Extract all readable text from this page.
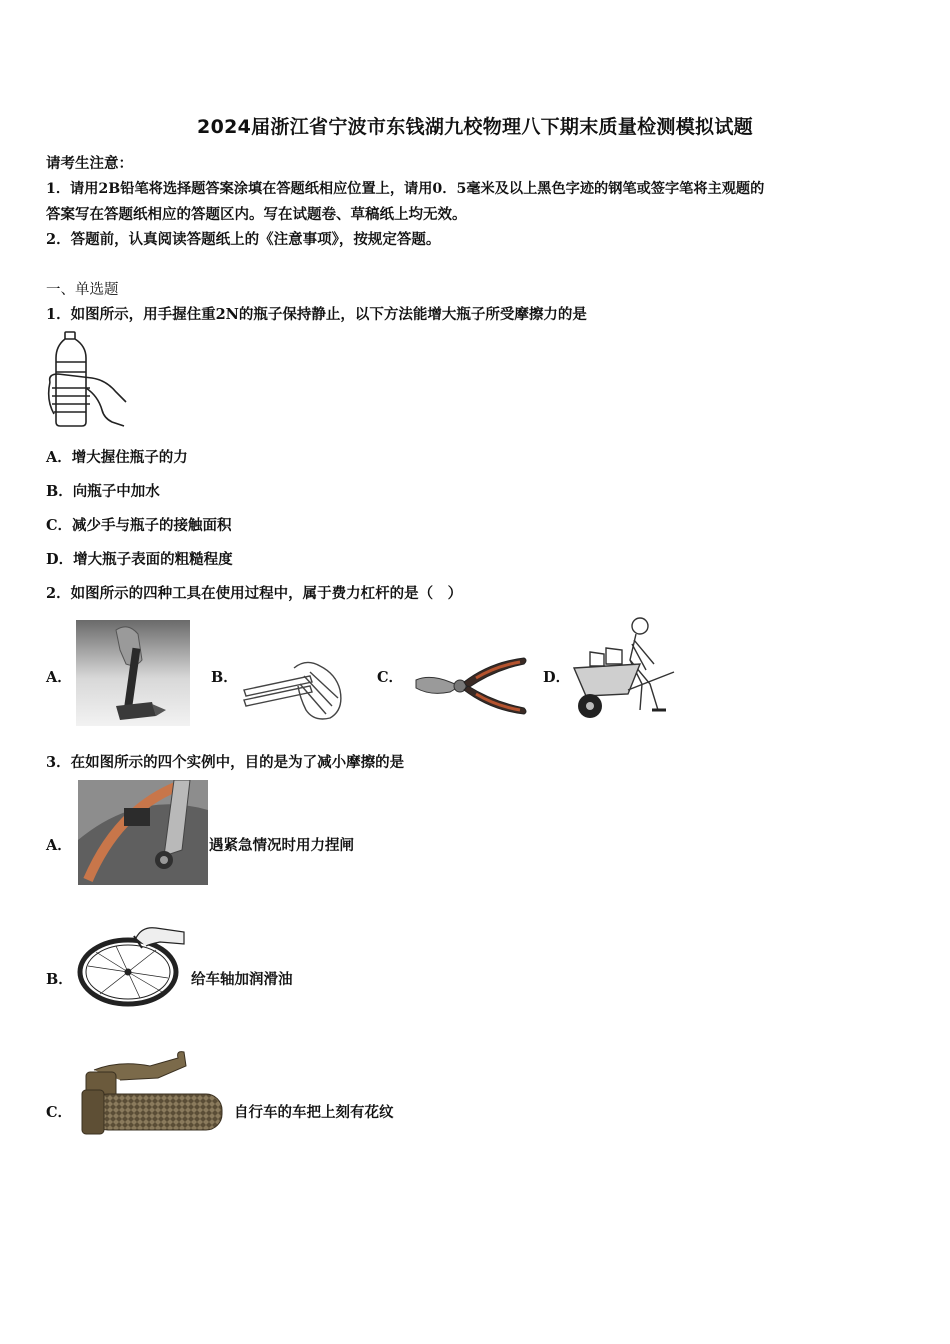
2024届浙江省宁波市东钱湖九校物理八下期末质量检测模拟试题
请考生注意：
1．请用2B铅笔将选择题答案涂填在答题纸相应位置上，请用0．5毫米及以上黑色字迹的钢笔或签字笔将主观题的
答案写在答题纸相应的答题区内。写在试题卷、草稿纸上均无效。
2．答题前，认真阅读答题纸上的《注意事项》，按规定答题。
一、单选题
1．如图所示，用手握住重2N的瓶子保持静止，以下方法能增大瓶子所受摩擦力的是
A．增大握住瓶子的力
B．向瓶子中加水
C．减少手与瓶子的接触面积
D．增大瓶子表面的粗糙程度
2．如图所示的四种工具在使用过程中，属于费力杠杆的是（　）
A．	B．	C．	D．
3．在如图所示的四个实例中，目的是为了减小摩擦的是
A．	遇紧急情况时用力捏闸
B．	给车轴加润滑油
C．	自行车的车把上刻有花纹
